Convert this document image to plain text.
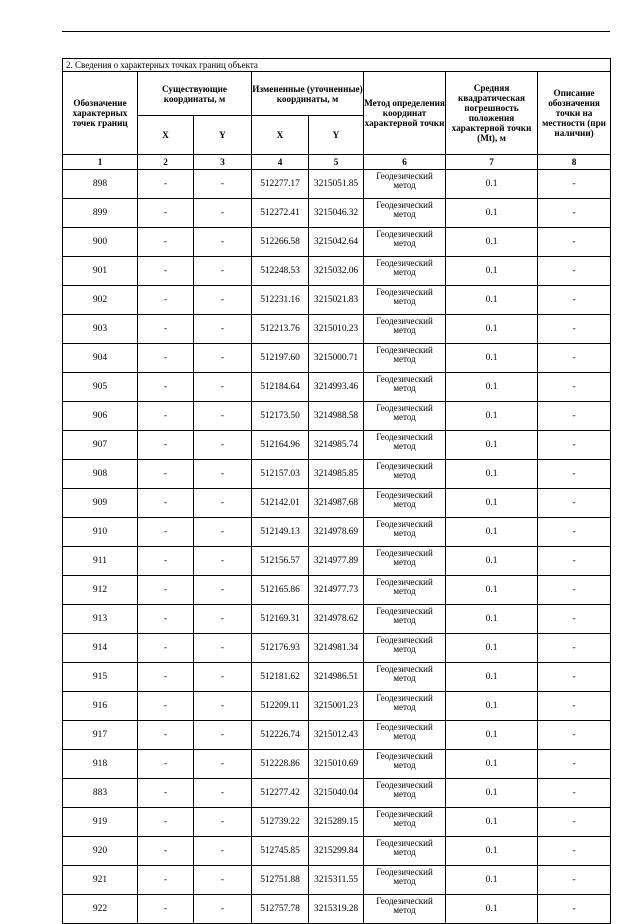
2. Сведения о характерных точках границ объекта							
Обозначение характерных точек границ	Существующие координаты, м		Измененные (уточненные) координаты, м		Метод определения координат характерной точки	Средняя квадратическая погрешность положения характерной точки (Mt), м	Описание обозначения точки на местности (при наличии)
	X	Y	X	Y			
1	2	3	4	5	6	7	8
898	-	-	512277.17	3215051.85	Геодезический метод	0.1	-
899	-	-	512272.41	3215046.32	Геодезический метод	0.1	-
900	-	-	512266.58	3215042.64	Геодезический метод	0.1	-
901	-	-	512248.53	3215032.06	Геодезический метод	0.1	-
902	-	-	512231.16	3215021.83	Геодезический метод	0.1	-
903	-	-	512213.76	3215010.23	Геодезический метод	0.1	-
904	-	-	512197.60	3215000.71	Геодезический метод	0.1	-
905	-	-	512184.64	3214993.46	Геодезический метод	0.1	-
906	-	-	512173.50	3214988.58	Геодезический метод	0.1	-
907	-	-	512164.96	3214985.74	Геодезический метод	0.1	-
908	-	-	512157.03	3214985.85	Геодезический метод	0.1	-
909	-	-	512142.01	3214987.68	Геодезический метод	0.1	-
910	-	-	512149.13	3214978.69	Геодезический метод	0.1	-
911	-	-	512156.57	3214977.89	Геодезический метод	0.1	-
912	-	-	512165.86	3214977.73	Геодезический метод	0.1	-
913	-	-	512169.31	3214978.62	Геодезический метод	0.1	-
914	-	-	512176.93	3214981.34	Геодезический метод	0.1	-
915	-	-	512181.62	3214986.51	Геодезический метод	0.1	-
916	-	-	512209.11	3215001.23	Геодезический метод	0.1	-
917	-	-	512226.74	3215012.43	Геодезический метод	0.1	-
918	-	-	512228.86	3215010.69	Геодезический метод	0.1	-
883	-	-	512277.42	3215040.04	Геодезический метод	0.1	-
919	-	-	512739.22	3215289.15	Геодезический метод	0.1	-
920	-	-	512745.85	3215299.84	Геодезический метод	0.1	-
921	-	-	512751.88	3215311.55	Геодезический метод	0.1	-
922	-	-	512757.78	3215319.28	Геодезический метод	0.1	-
